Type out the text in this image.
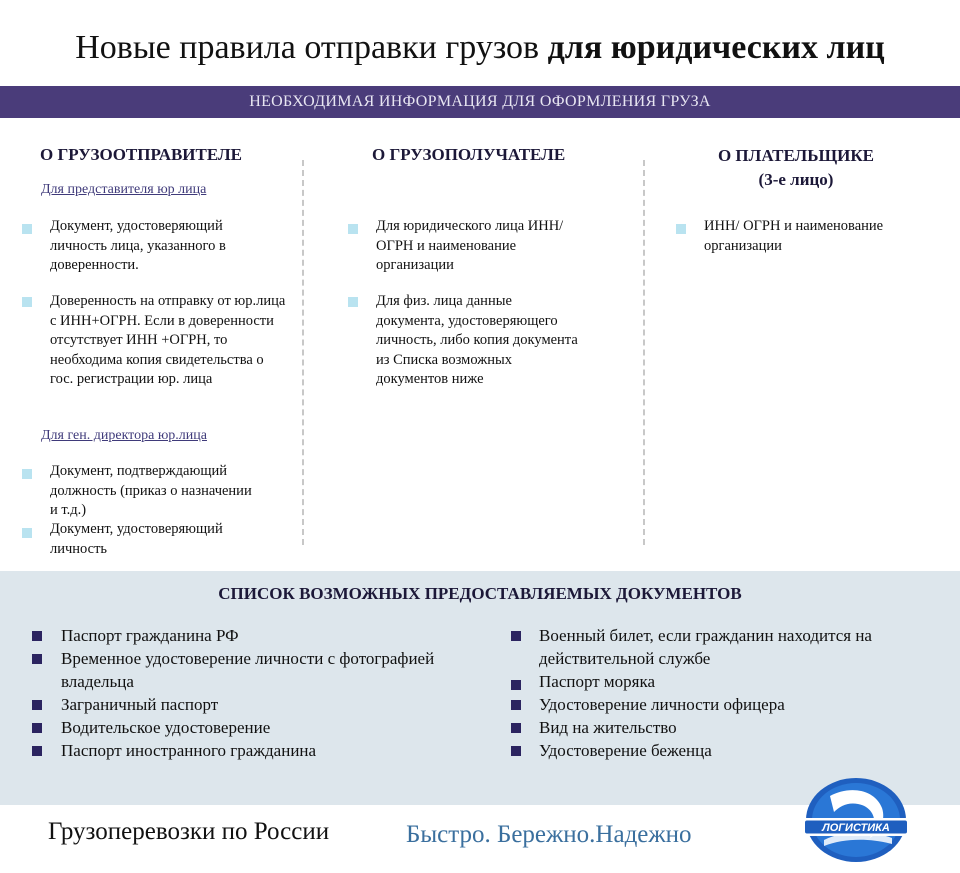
Новые правила отправки грузов для юридических лиц
НЕОБХОДИМАЯ ИНФОРМАЦИЯ ДЛЯ ОФОРМЛЕНИЯ ГРУЗА
О ГРУЗООТПРАВИТЕЛЕ
Для представителя юр лица
Документ, удостоверяющий личность лица, указанного в доверенности.
Доверенность на отправку от юр.лица с ИНН+ОГРН. Если в доверенности отсутствует ИНН +ОГРН, то необходима копия свидетельства о гос. регистрации юр. лица
Для ген. директора юр.лица
Документ, подтверждающий должность (приказ о назначении и т.д.)
Документ, удостоверяющий личность
О ГРУЗОПОЛУЧАТЕЛЕ
Для юридического лица ИНН/ ОГРН и наименование организации
Для физ. лица данные документа, удостоверяющего личность, либо копия документа из Списка возможных документов ниже
О ПЛАТЕЛЬЩИКЕ
(3-е лицо)
ИНН/ ОГРН и наименование организации
СПИСОК ВОЗМОЖНЫХ ПРЕДОСТАВЛЯЕМЫХ ДОКУМЕНТОВ
Паспорт гражданина РФ
Временное удостоверение личности с фотографией владельца
Заграничный паспорт
Водительское удостоверение
Паспорт иностранного гражданина
Военный билет, если гражданин находится на действительной службе
Паспорт моряка
Удостоверение личности офицера
Вид на жительство
Удостоверение беженца
Грузоперевозки по России	Быстро. Бережно.Надежно	ЛОГИСТИКА
